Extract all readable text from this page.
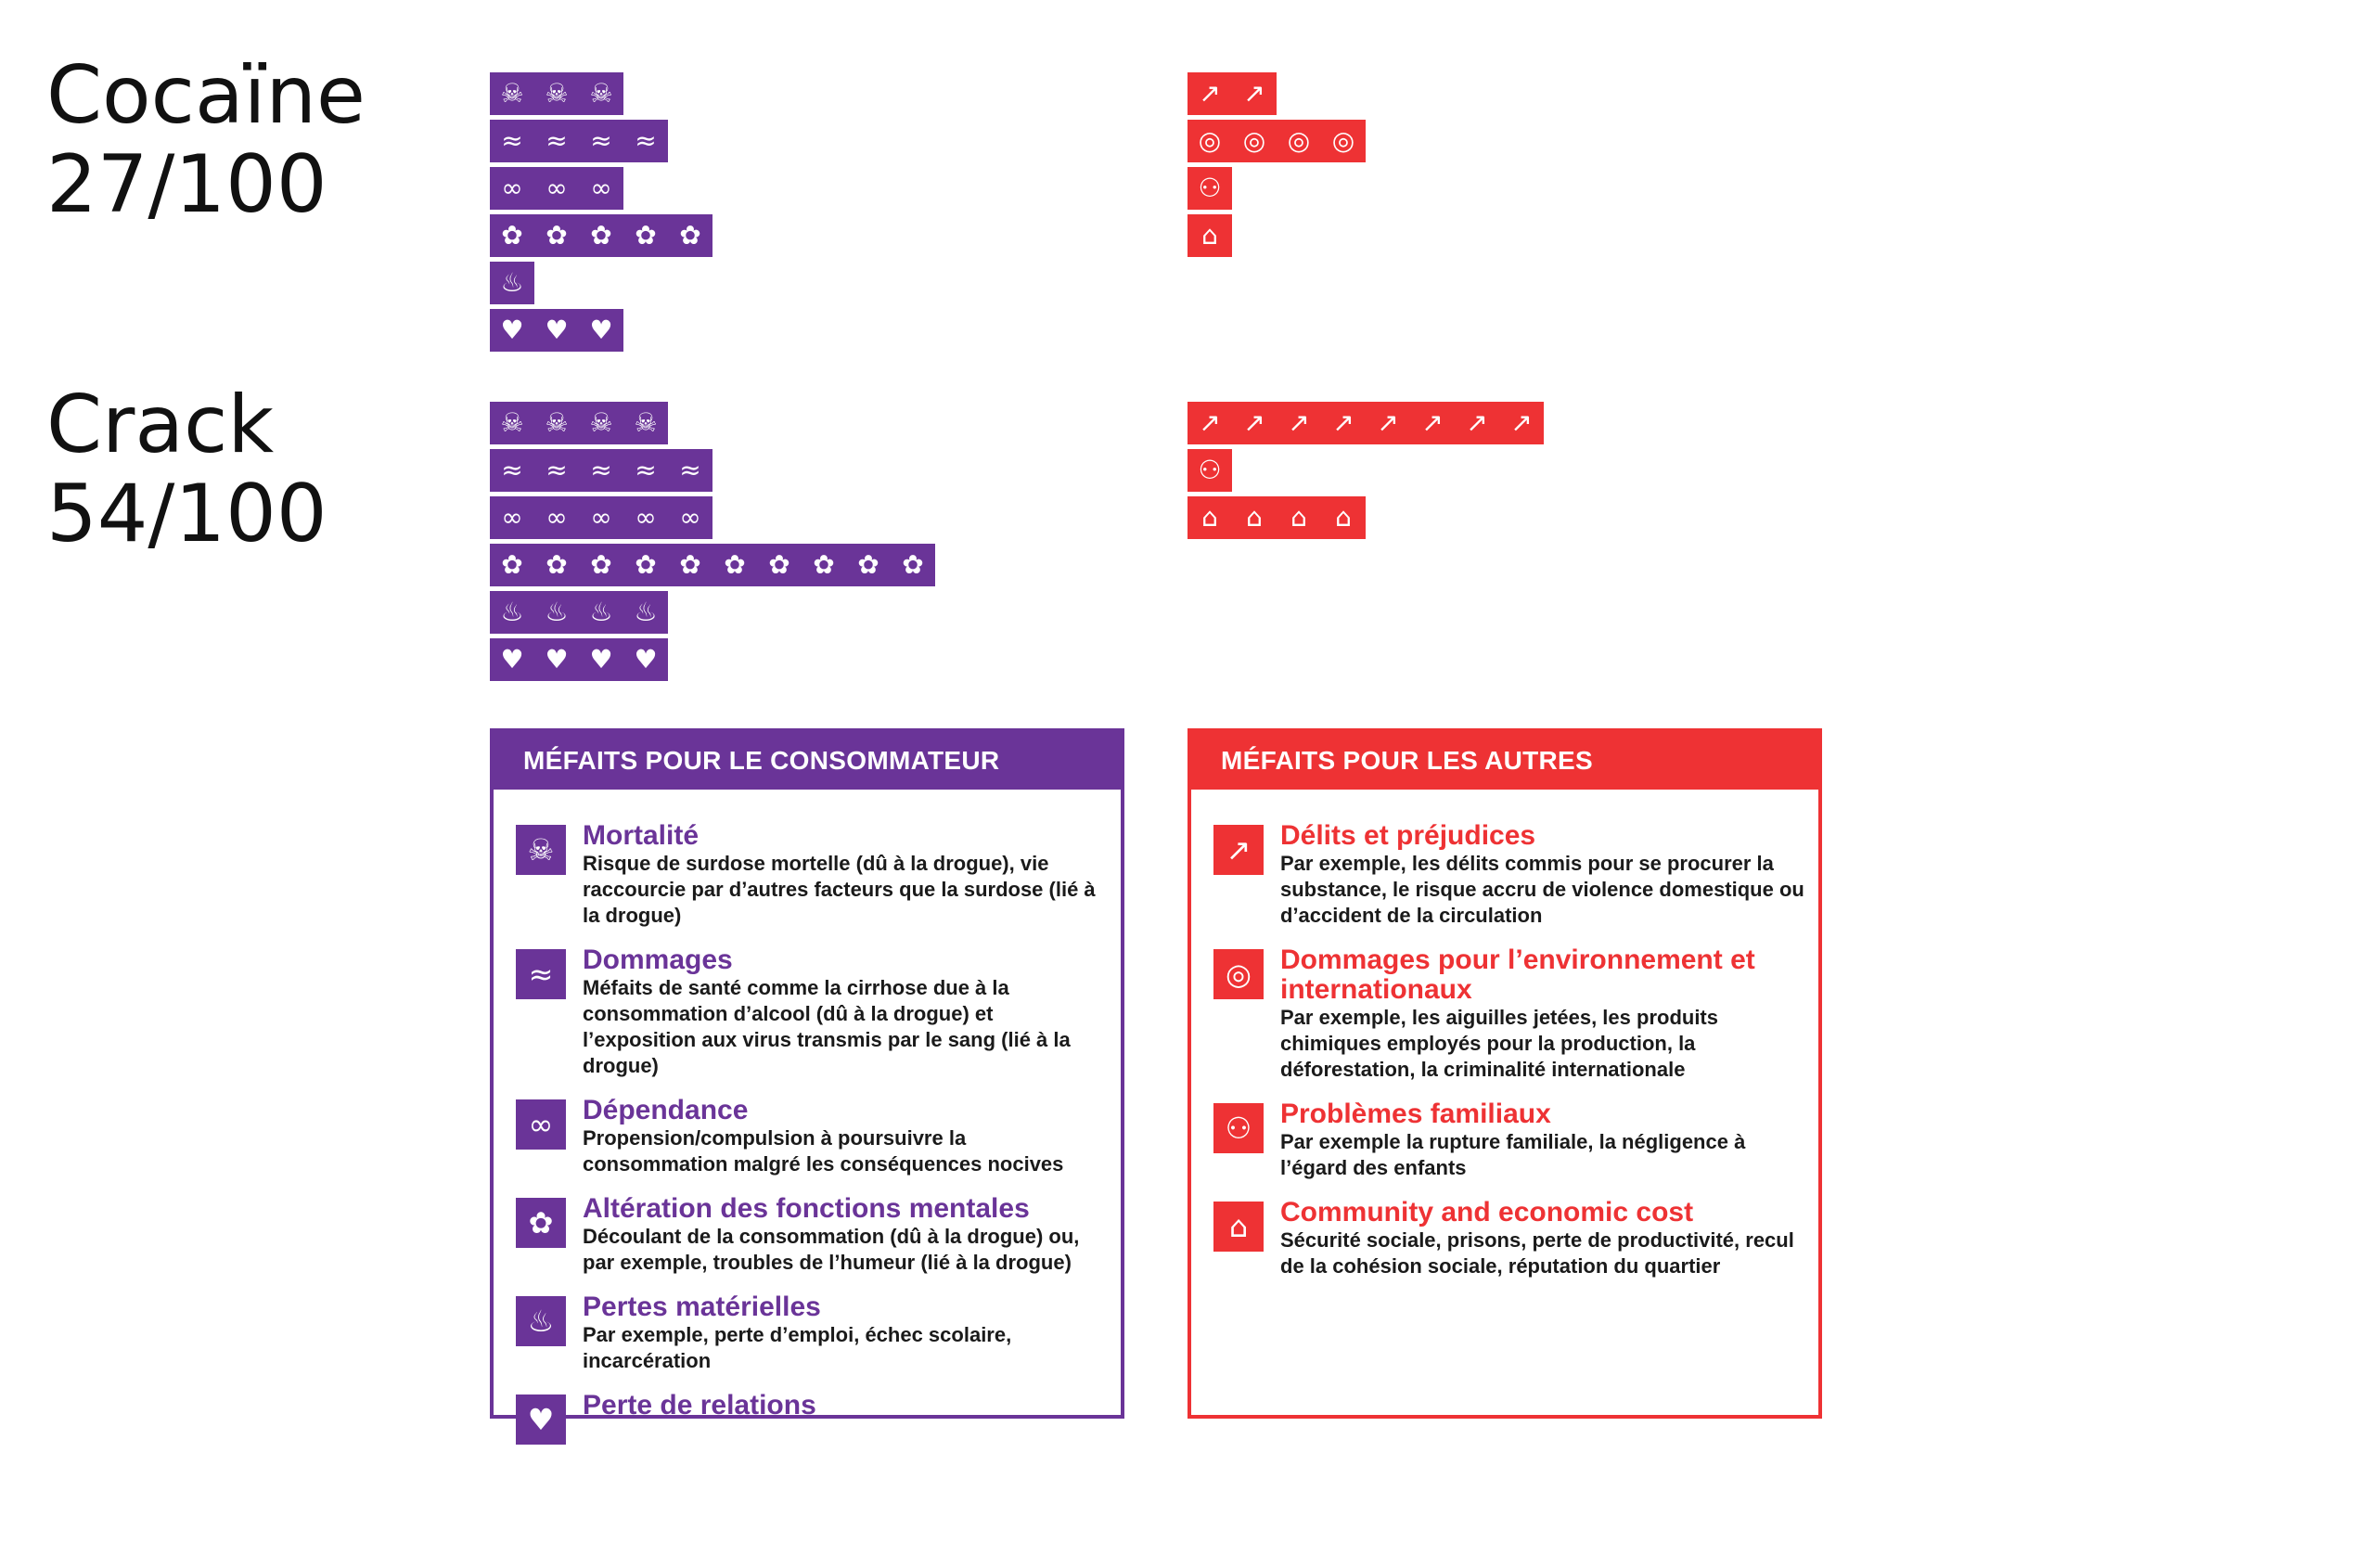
Cocaïne
27/100
Crack
54/100
☠ ☠ ☠
≈ ≈ ≈ ≈
∞ ∞ ∞
✿ ✿ ✿ ✿ ✿
♨
♥ ♥ ♥
↗ ↗
◎ ◎ ◎ ◎
⚇
⌂
☠ ☠ ☠ ☠
≈ ≈ ≈ ≈ ≈
∞ ∞ ∞ ∞ ∞
✿ ✿ ✿ ✿ ✿ ✿ ✿ ✿ ✿ ✿
♨ ♨ ♨ ♨
♥ ♥ ♥ ♥
↗ ↗ ↗ ↗ ↗ ↗ ↗ ↗
⚇
⌂	⌂	⌂	⌂
MÉFAITS POUR LE CONSOMMATEUR
☠	Mortalité
Risque de surdose mortelle (dû à la drogue), vie raccourcie par d’autres facteurs que la surdose (lié à la drogue)
≈	Dommages
Méfaits de santé comme la cirrhose due à la consommation d’alcool (dû à la drogue) et l’exposition aux virus transmis par le sang (lié à la drogue)
∞	Dépendance
Propension/compulsion à poursuivre la consommation malgré les conséquences nocives
✿	Altération des fonctions mentales
Découlant de la consommation (dû à la drogue) ou, par exemple, troubles de l’humeur (lié à la drogue)
♨	Pertes matérielles
Par exemple, perte d’emploi, échec scolaire, incarcération
♥	Perte de relations
MÉFAITS POUR LES AUTRES
↗	Délits et préjudices
Par exemple, les délits commis pour se procurer la substance, le risque accru de violence domestique ou d’accident de la circulation
◎	Dommages pour l’environnement et internationaux
Par exemple, les aiguilles jetées, les produits chimiques employés pour la production, la déforestation, la criminalité internationale
⚇	Problèmes familiaux
Par exemple la rupture familiale, la négligence à l’égard des enfants
⌂	Community and economic cost
Sécurité sociale, prisons, perte de productivité, recul de la cohésion sociale, réputation du quartier
